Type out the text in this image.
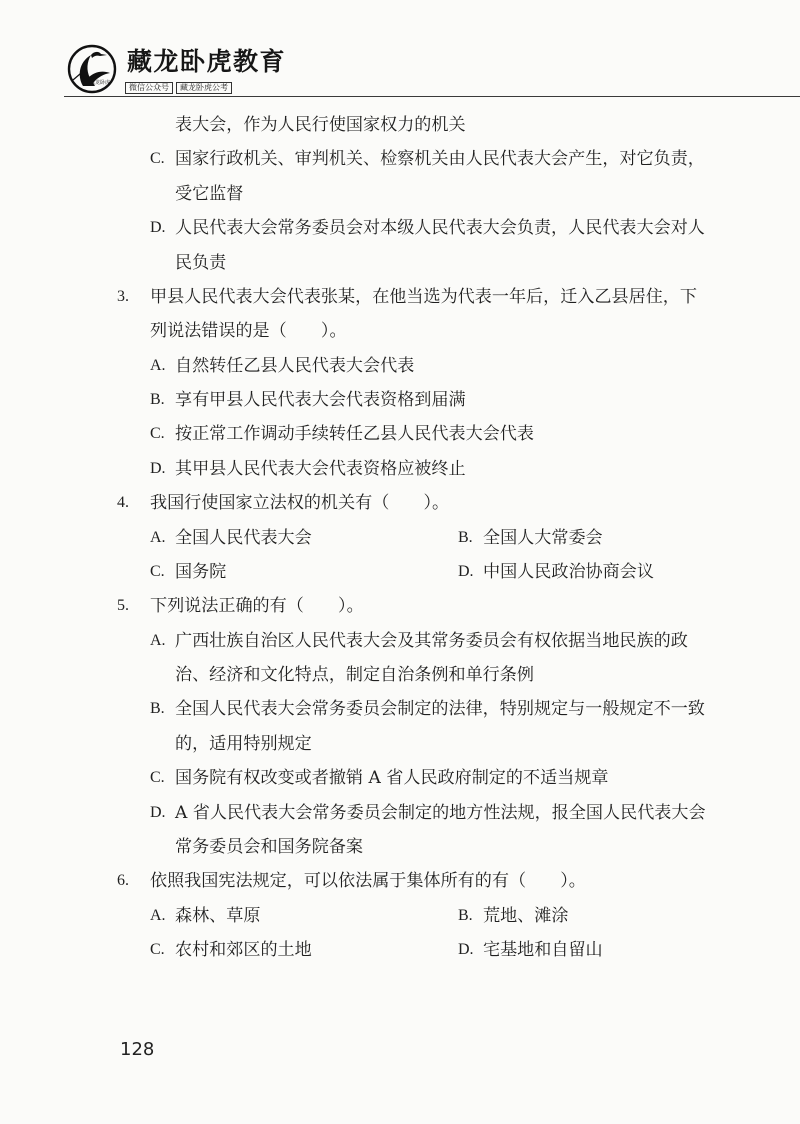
藏龙卧虎
藏龙卧虎教育
微信公众号	藏龙卧虎公考
表大会，作为人民行使国家权力的机关
C. 国家行政机关、审判机关、检察机关由人民代表大会产生，对它负责，
受它监督
D. 人民代表大会常务委员会对本级人民代表大会负责，人民代表大会对人
民负责
3. 甲县人民代表大会代表张某，在他当选为代表一年后，迁入乙县居住，下
列说法错误的是（　　）。
A. 自然转任乙县人民代表大会代表
B. 享有甲县人民代表大会代表资格到届满
C. 按正常工作调动手续转任乙县人民代表大会代表
D. 其甲县人民代表大会代表资格应被终止
4. 我国行使国家立法权的机关有（　　）。
A. 全国人民代表大会	B. 全国人大常委会
C. 国务院	D. 中国人民政治协商会议
5. 下列说法正确的有（　　）。
A. 广西壮族自治区人民代表大会及其常务委员会有权依据当地民族的政
治、经济和文化特点，制定自治条例和单行条例
B. 全国人民代表大会常务委员会制定的法律，特别规定与一般规定不一致
的，适用特别规定
C. 国务院有权改变或者撤销 A 省人民政府制定的不适当规章
D. A 省人民代表大会常务委员会制定的地方性法规，报全国人民代表大会
常务委员会和国务院备案
6. 依照我国宪法规定，可以依法属于集体所有的有（　　）。
A. 森林、草原	B. 荒地、滩涂
C. 农村和郊区的土地	D. 宅基地和自留山
128
